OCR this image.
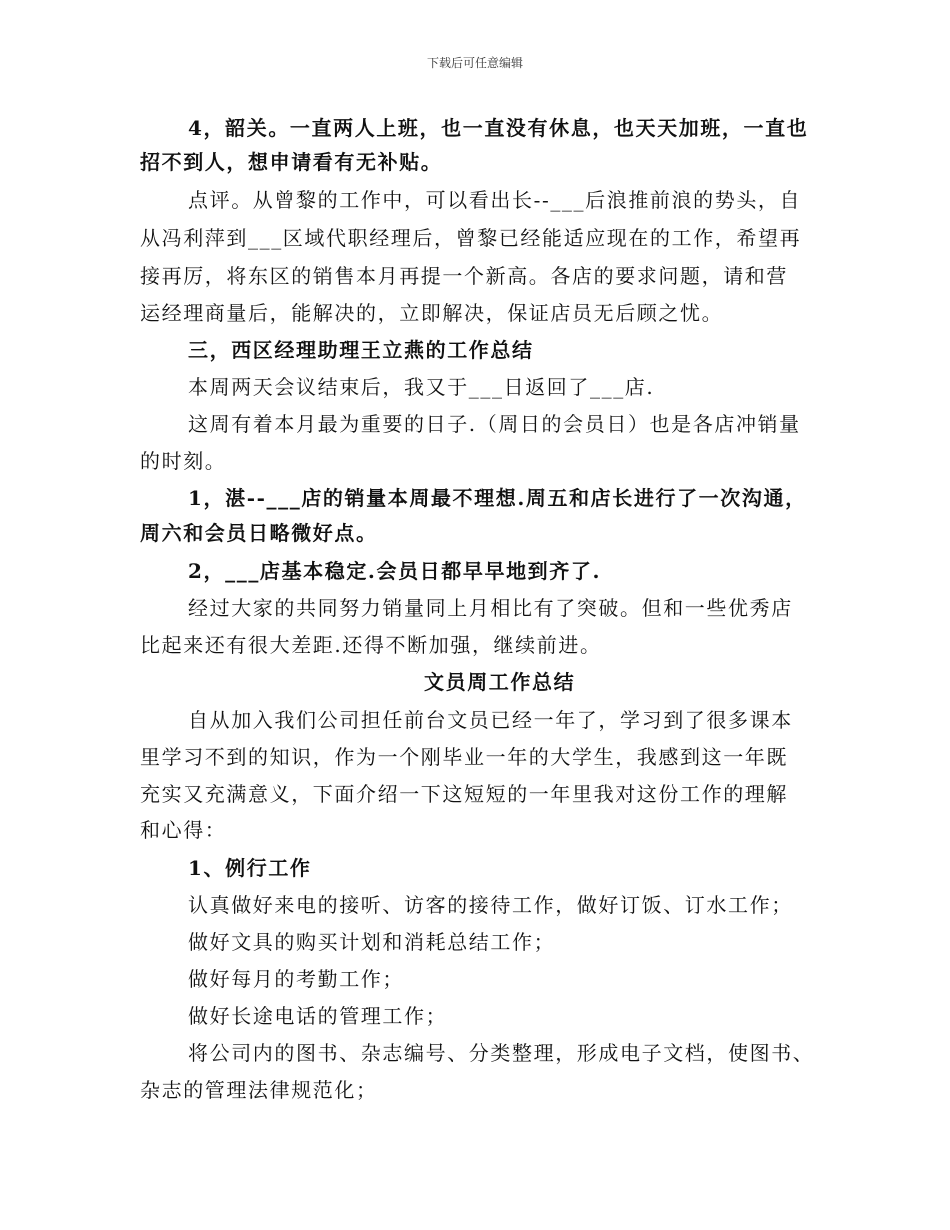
下载后可任意编辑
4，韶关。一直两人上班，也一直没有休息，也天天加班，一直也
招不到人，想申请看有无补贴。
点评。从曾黎的工作中，可以看出长--___后浪推前浪的势头，自
从冯利萍到___区域代职经理后，曾黎已经能适应现在的工作，希望再
接再厉，将东区的销售本月再提一个新高。各店的要求问题，请和营
运经理商量后，能解决的，立即解决，保证店员无后顾之忧。
三，西区经理助理王立燕的工作总结
本周两天会议结束后，我又于___日返回了___店.
这周有着本月最为重要的日子.（周日的会员日）也是各店冲销量
的时刻。
1，湛--___店的销量本周最不理想.周五和店长进行了一次沟通，
周六和会员日略微好点。
2，___店基本稳定.会员日都早早地到齐了.
经过大家的共同努力销量同上月相比有了突破。但和一些优秀店
比起来还有很大差距.还得不断加强，继续前进。
文员周工作总结
自从加入我们公司担任前台文员已经一年了，学习到了很多课本
里学习不到的知识，作为一个刚毕业一年的大学生，我感到这一年既
充实又充满意义，下面介绍一下这短短的一年里我对这份工作的理解
和心得：
1、例行工作
认真做好来电的接听、访客的接待工作，做好订饭、订水工作；
做好文具的购买计划和消耗总结工作；
做好每月的考勤工作；
做好长途电话的管理工作；
将公司内的图书、杂志编号、分类整理，形成电子文档，使图书、
杂志的管理法律规范化；
